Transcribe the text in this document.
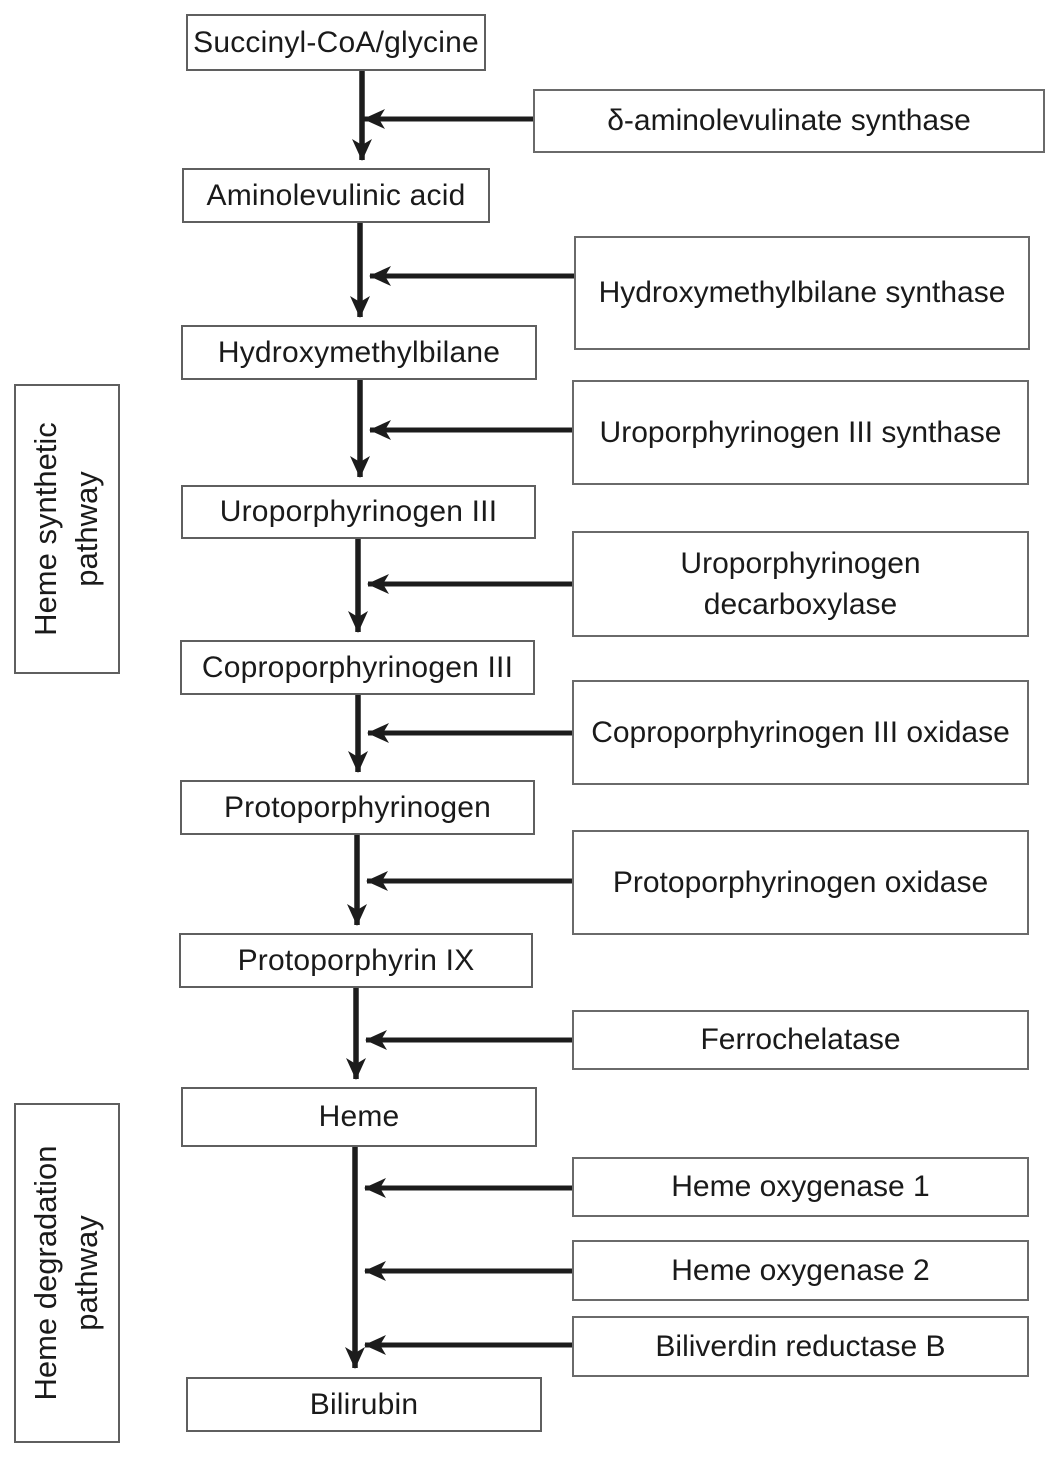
Heme synthetic pathway
Heme degradation pathway
Succinyl-CoA/glycine
Aminolevulinic acid
Hydroxymethylbilane
Uroporphyrinogen III
Coproporphyrinogen III
Protoporphyrinogen
Protoporphyrin IX
Heme
Bilirubin
δ-aminolevulinate synthase
Hydroxymethylbilane synthase
Uroporphyrinogen III synthase
Uroporphyrinogen decarboxylase
Coproporphyrinogen III oxidase
Protoporphyrinogen oxidase
Ferrochelatase
Heme oxygenase 1
Heme oxygenase 2
Biliverdin reductase B
